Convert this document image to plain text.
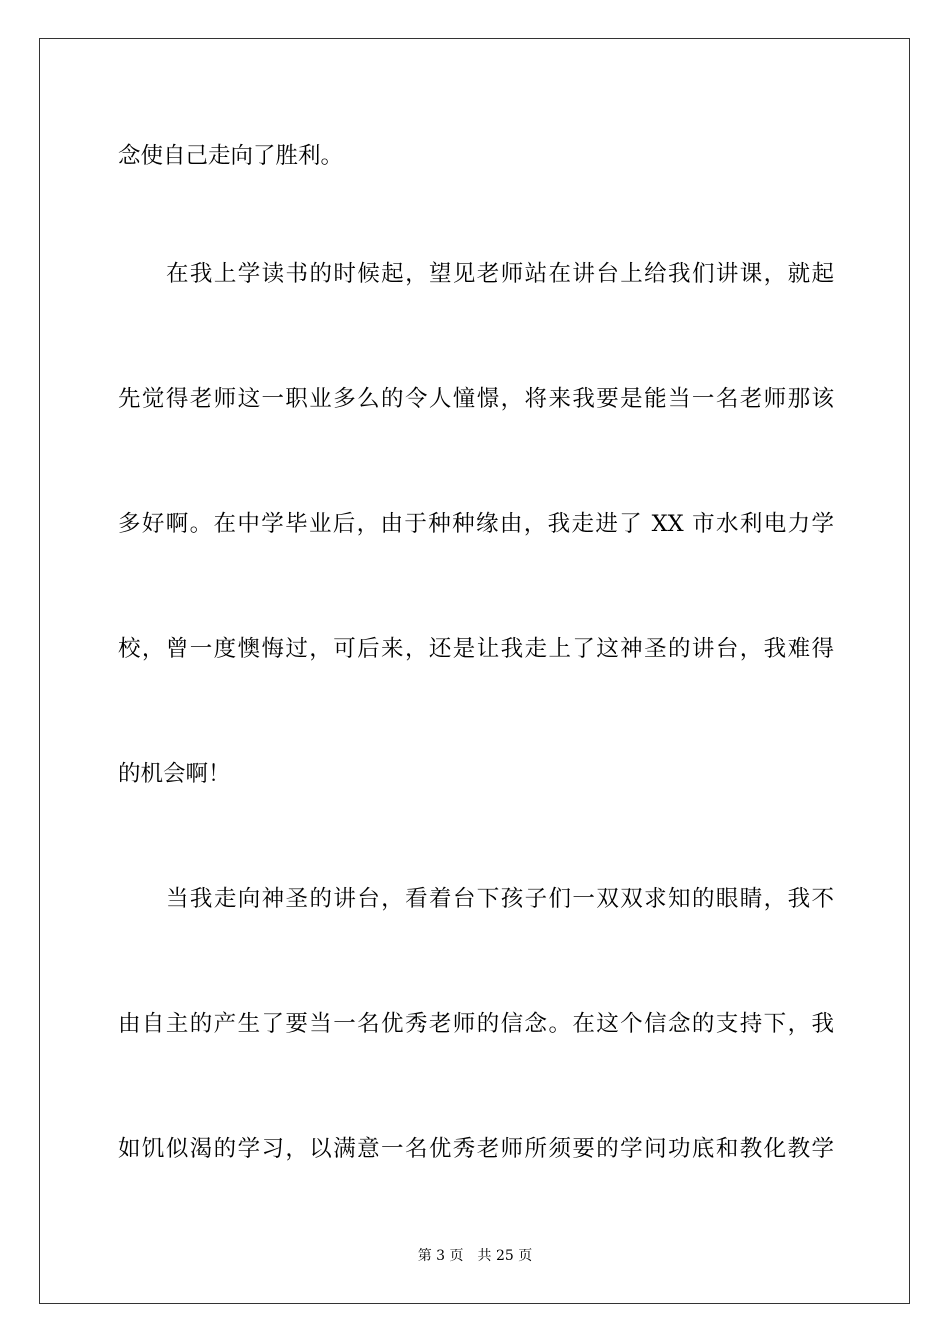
念使自己走向了胜利。
在我上学读书的时候起，望见老师站在讲台上给我们讲课，就起
先觉得老师这一职业多么的令人憧憬，将来我要是能当一名老师那该
多好啊。在中学毕业后，由于种种缘由，我走进了 XX 市水利电力学
校，曾一度懊悔过，可后来，还是让我走上了这神圣的讲台，我难得
的机会啊！
当我走向神圣的讲台，看着台下孩子们一双双求知的眼睛，我不
由自主的产生了要当一名优秀老师的信念。在这个信念的支持下，我
如饥似渴的学习，以满意一名优秀老师所须要的学问功底和教化教学
第 3 页 共 25 页
